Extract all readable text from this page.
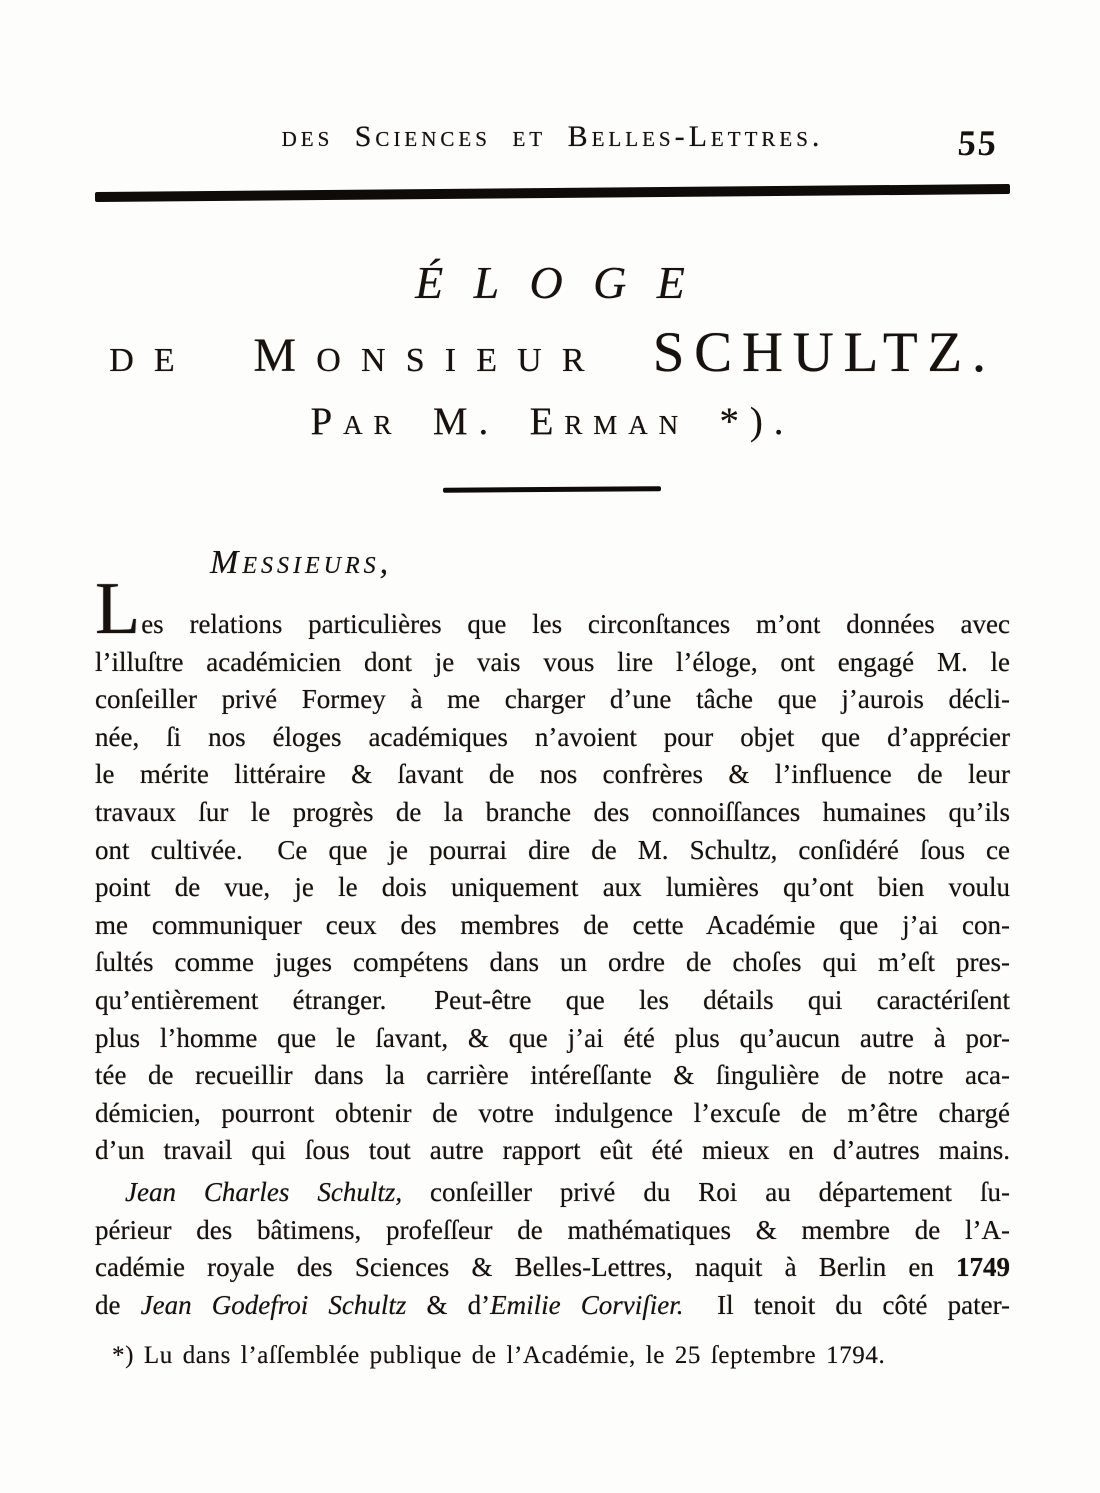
des Sciences et Belles-Lettres.	55
ÉLOGE
de Monsieur SCHULTZ.
Par M. Erman *).
Messieurs,
Les relations particulières que les circonſtances m’ont données avec
l’illuſtre académicien dont je vais vous lire l’éloge, ont engagé M. le
conſeiller privé Formey à me charger d’une tâche que j’aurois décli-
née, ſi nos éloges académiques n’avoient pour objet que d’apprécier
le mérite littéraire & ſavant de nos confrères & l’influence de leur
travaux ſur le progrès de la branche des connoiſſances humaines qu’ils
ont cultivée.  Ce que je pourrai dire de M. Schultz, conſidéré ſous ce
point de vue, je le dois uniquement aux lumières qu’ont bien voulu
me communiquer ceux des membres de cette Académie que j’ai con-
ſultés comme juges compétens dans un ordre de choſes qui m’eſt pres-
qu’entièrement étranger.  Peut-être que les détails qui caractériſent
plus l’homme que le ſavant, & que j’ai été plus qu’aucun autre à por-
tée de recueillir dans la carrière intéreſſante & ſingulière de notre aca-
démicien, pourront obtenir de votre indulgence l’excuſe de m’être chargé
d’un travail qui ſous tout autre rapport eût été mieux en d’autres mains.
Jean Charles Schultz, conſeiller privé du Roi au département ſu-
périeur des bâtimens, profeſſeur de mathématiques & membre de l’A-
cadémie royale des Sciences & Belles-Lettres, naquit à Berlin en 1749
de Jean Godefroi Schultz & d’Emilie Corviſier.  Il tenoit du côté pater-
*) Lu dans l’aſſemblée publique de l’Académie, le 25 ſeptembre 1794.
